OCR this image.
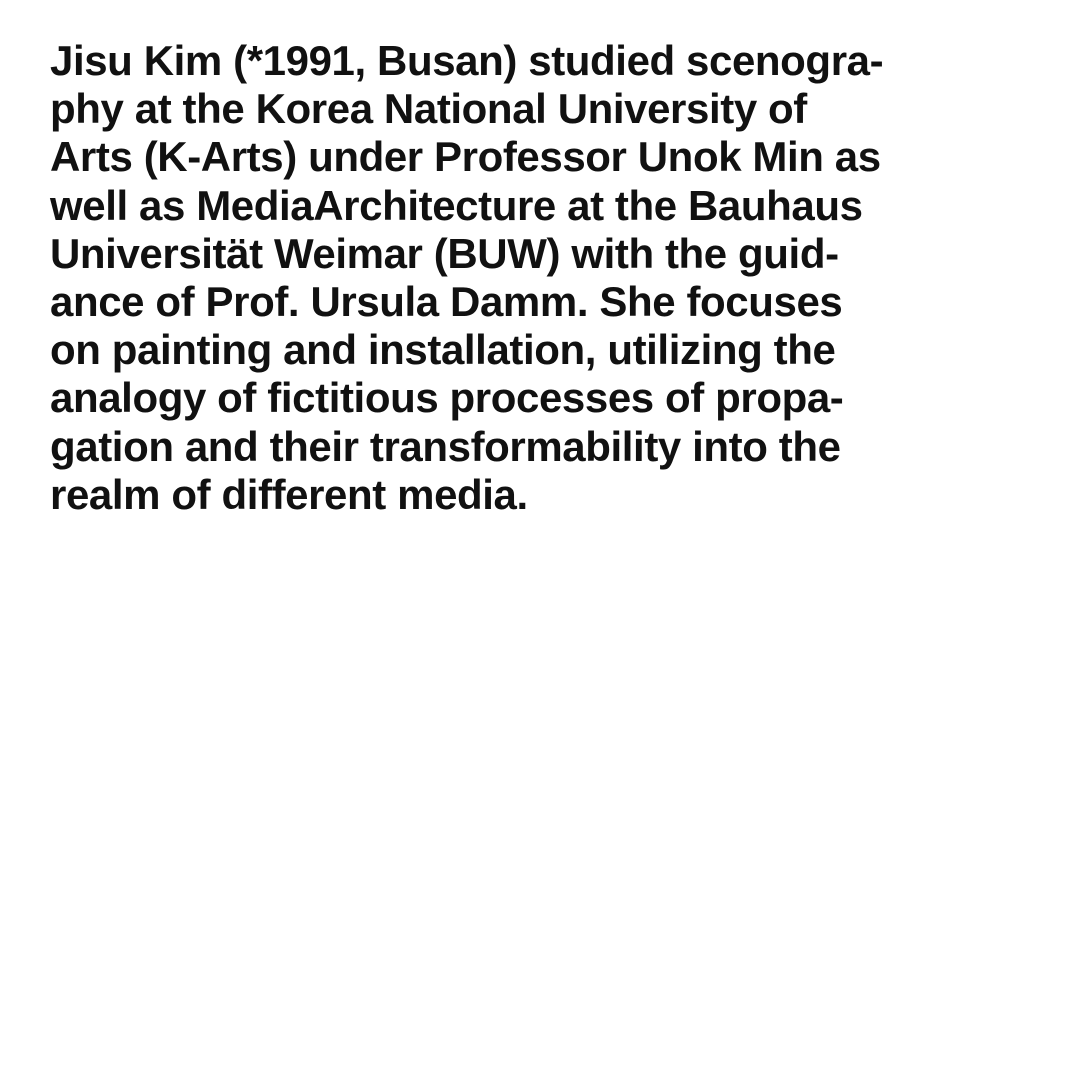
Jisu Kim (*1991, Busan) studied scenogra-
phy at the Korea National University of
Arts (K-Arts) under Professor Unok Min as
well as MediaArchitecture at the Bauhaus
Universität Weimar (BUW) with the guid-
ance of Prof. Ursula Damm. She focuses
on painting and installation, utilizing the
analogy of fictitious processes of propa-
gation and their transformability into the
realm of different media.
